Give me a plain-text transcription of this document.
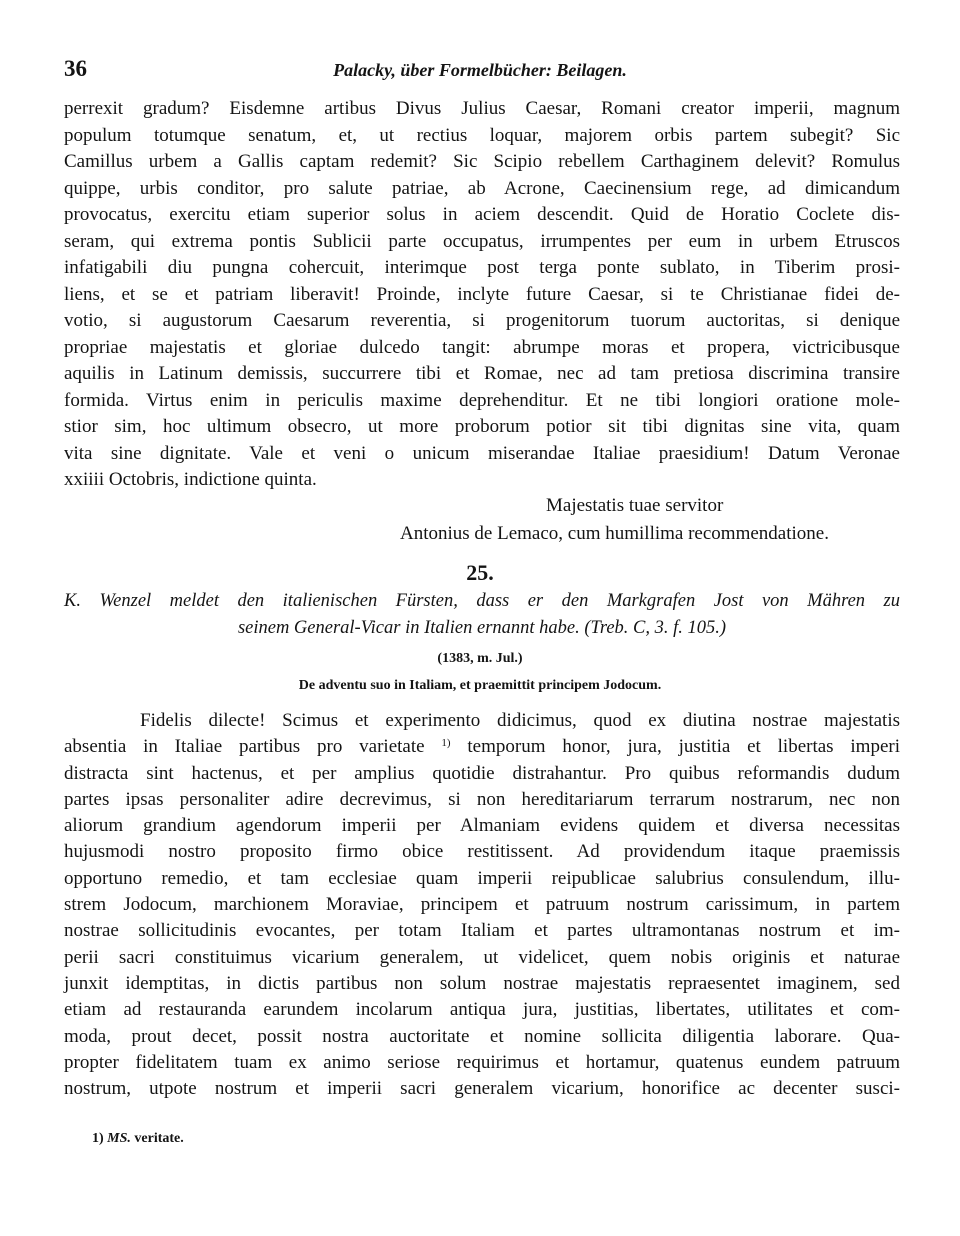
36	Palacky, über Formelbücher: Beilagen.
perrexit gradum? Eisdemne artibus Divus Julius Caesar, Romani creator imperii, magnum
populum totumque senatum, et, ut rectius loquar, majorem orbis partem subegit? Sic
Camillus urbem a Gallis captam redemit? Sic Scipio rebellem Carthaginem delevit? Romulus
quippe, urbis conditor, pro salute patriae, ab Acrone, Caecinensium rege, ad dimicandum
provocatus, exercitu etiam superior solus in aciem descendit. Quid de Horatio Coclete dis-
seram, qui extrema pontis Sublicii parte occupatus, irrumpentes per eum in urbem Etruscos
infatigabili diu pungna cohercuit, interimque post terga ponte sublato, in Tiberim prosi-
liens, et se et patriam liberavit! Proinde, inclyte future Caesar, si te Christianae fidei de-
votio, si augustorum Caesarum reverentia, si progenitorum tuorum auctoritas, si denique
propriae majestatis et gloriae dulcedo tangit: abrumpe moras et propera, victricibusque
aquilis in Latinum demissis, succurrere tibi et Romae, nec ad tam pretiosa discrimina transire
formida. Virtus enim in periculis maxime deprehenditur. Et ne tibi longiori oratione mole-
stior sim, hoc ultimum obsecro, ut more proborum potior sit tibi dignitas sine vita, quam
vita sine dignitate. Vale et veni o unicum miserandae Italiae praesidium! Datum Veronae
xxiiii Octobris, indictione quinta.
Majestatis tuae servitor
Antonius de Lemaco, cum humillima recommendatione.
25.
K. Wenzel meldet den italienischen Fürsten, dass er den Markgrafen Jost von Mähren zu
seinem General-Vicar in Italien ernannt habe. (Treb. C, 3. f. 105.)
(1383, m. Jul.)
De adventu suo in Italiam, et praemittit principem Jodocum.
Fidelis dilecte! Scimus et experimento didicimus, quod ex diutina nostrae majestatis
absentia in Italiae partibus pro varietate $^{1)}$ temporum honor, jura, justitia et libertas imperi
distracta sint hactenus, et per amplius quotidie distrahantur. Pro quibus reformandis dudum
partes ipsas personaliter adire decrevimus, si non hereditariarum terrarum nostrarum, nec non
aliorum grandium agendorum imperii per Almaniam evidens quidem et diversa necessitas
hujusmodi nostro proposito firmo obice restitissent. Ad providendum itaque praemissis
opportuno remedio, et tam ecclesiae quam imperii reipublicae salubrius consulendum, illu-
strem Jodocum, marchionem Moraviae, principem et patruum nostrum carissimum, in partem
nostrae sollicitudinis evocantes, per totam Italiam et partes ultramontanas nostrum et im-
perii sacri constituimus vicarium generalem, ut videlicet, quem nobis originis et naturae
junxit idemptitas, in dictis partibus non solum nostrae majestatis repraesentet imaginem, sed
etiam ad restauranda earundem incolarum antiqua jura, justitias, libertates, utilitates et com-
moda, prout decet, possit nostra auctoritate et nomine sollicita diligentia laborare. Qua-
propter fidelitatem tuam ex animo seriose requirimus et hortamur, quatenus eundem patruum
nostrum, utpote nostrum et imperii sacri generalem vicarium, honorifice ac decenter susci-
1) MS. veritate.
